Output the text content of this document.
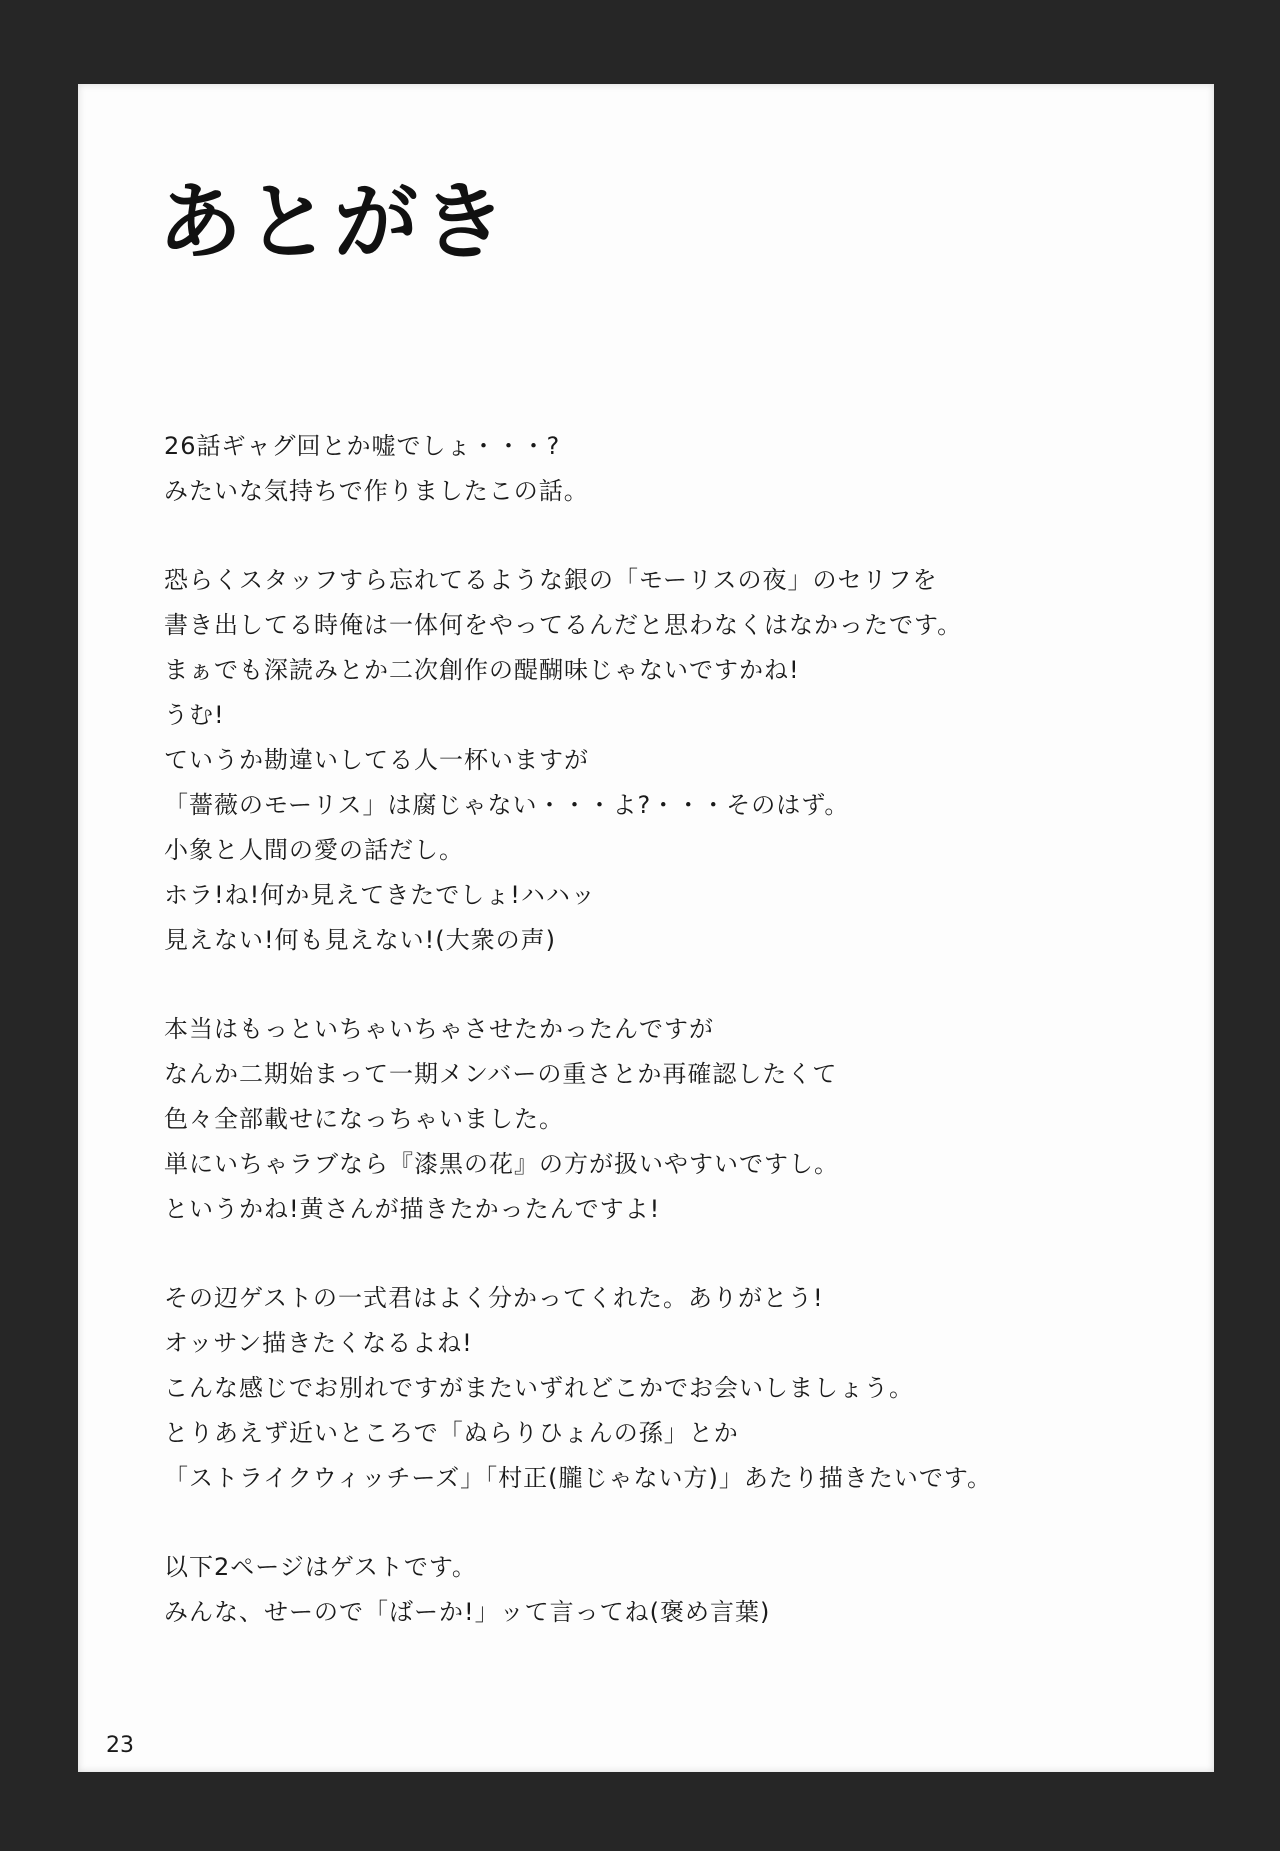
あとがき
26話ギャグ回とか嘘でしょ・・・?
みたいな気持ちで作りましたこの話。
恐らくスタッフすら忘れてるような銀の「モーリスの夜」のセリフを
書き出してる時俺は一体何をやってるんだと思わなくはなかったです。
まぁでも深読みとか二次創作の醍醐味じゃないですかね!
うむ!
ていうか勘違いしてる人一杯いますが
「薔薇のモーリス」は腐じゃない・・・よ?・・・そのはず。
小象と人間の愛の話だし。
ホラ!ね!何か見えてきたでしょ!ハハッ
見えない!何も見えない!(大衆の声)
本当はもっといちゃいちゃさせたかったんですが
なんか二期始まって一期メンバーの重さとか再確認したくて
色々全部載せになっちゃいました。
単にいちゃラブなら『漆黒の花』の方が扱いやすいですし。
というかね!黄さんが描きたかったんですよ!
その辺ゲストの一式君はよく分かってくれた。ありがとう!
オッサン描きたくなるよね!
こんな感じでお別れですがまたいずれどこかでお会いしましょう。
とりあえず近いところで「ぬらりひょんの孫」とか
「ストライクウィッチーズ」「村正(朧じゃない方)」あたり描きたいです。
以下2ページはゲストです。
みんな、せーので「ばーか!」ッて言ってね(褒め言葉)
23
